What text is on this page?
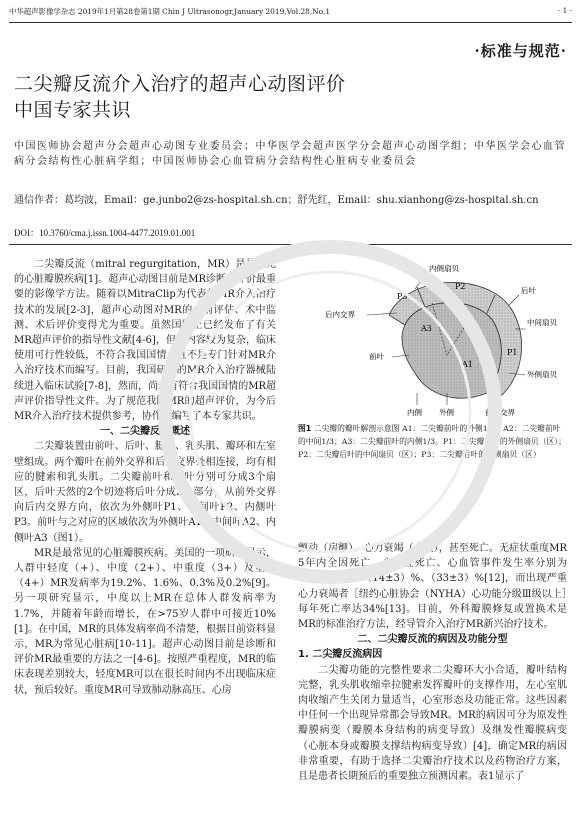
中华超声影像学杂志 2019年1月第28卷第1期 Chin J Ultrasonogr,January 2019,Vol.28,No.1	· 1 ·
·标准与规范·
二尖瓣反流介入治疗的超声心动图评价
中国专家共识
中国医师协会超声分会超声心动图专业委员会；中华医学会超声医学分会超声心动图学组；中华医学会心血管病分会结构性心脏病学组；中国医师协会心血管病分会结构性心脏病专业委员会
通信作者：葛均波，Email：ge.junbo2@zs-hospital.sh.cn；舒先红，Email：shu.xianhong@zs-hospital.sh.cn
DOI：10.3760/cma.j.issn.1004-4477.2019.01.001

二尖瓣反流（mitral regurgitation，MR）是最常见的心脏瓣膜疾病[1]。超声心动图目前是MR诊断和评价最重要的影像学方法。随着以MitraClip为代表的MR介入治疗技术的发展[2-3]，超声心动图对MR的术前评估、术中监测、术后评价变得尤为重要。虽然国际上已经发布了有关MR超声评价的指导性文献[4-6]，但其内容较为复杂，临床使用可行性较低，不符合我国国情，且不是专门针对MR介入治疗技术而编写。目前，我国研发的MR介入治疗器械陆续进入临床试验[7-8]，然而，尚未有符合我国国情的MR超声评价指导性文件。为了规范我国MR的超声评价，为今后MR介入治疗技术提供参考，协作组编写了本专家共识。

一、二尖瓣反流概述

二尖瓣装置由前叶、后叶、腱索、乳头肌、瓣环和左室壁组成。两个瓣叶在前外交界和后内交界处相连接，均有相应的腱索和乳头肌。二尖瓣前叶和后叶分别可分成3个扇区，后叶天然的2个切迹将后叶分成3个部分，从前外交界向后内交界方向，依次为外侧叶P1、中间叶P2、内侧叶P3。前叶与之对应的区域依次为外侧叶A1、中间叶A2、内侧叶A3（图1）。

MR是最常见的心脏瓣膜疾病。美国的一项研究显示，人群中轻度（+）、中度（2+）、中重度（3+）及重度（4+）MR发病率为19.2%、1.6%、0.3%及0.2%[9]。另一项研究显示，中度以上MR在总体人群发病率为1.7%，并随着年龄而增长，在>75岁人群中可接近10%[1]。在中国，MR的具体发病率尚不清楚，根据目前资料显示，MR为常见心脏病[10-11]。超声心动图目前是诊断和评价MR最重要的方法之一[4-6]。按照严重程度，MR的临床表现差别较大，轻度MR可以在很长时间内不出现临床症状，预后较好。重度MR可导致肺动脉高压、心房

P3
P2
P1
A3
A2
A1
内侧扇贝
后内交界
后叶
中间扇贝
前叶
外侧扇贝
前外交界
内侧 外侧
图1 二尖瓣的瓣叶解剖示意图 A1：二尖瓣前叶的外侧1/3；A2：二尖瓣前叶的中间1/3；A3：二尖瓣前叶的内侧1/3。P1：二尖瓣后叶的外侧扇贝（区）；P2：二尖瓣后叶的中间扇贝（区）；P3：二尖瓣后叶的内侧扇贝（区）

颤动（房颤）、心力衰竭（心衰），甚至死亡。无症状重度MR 5年内全因死亡、心脏性死亡、心血管事件发生率分别为（22±3）%、（14±3）%、（33±3）%[12]，而出现严重心力衰竭者［纽约心脏协会（NYHA）心功能分级Ⅲ级以上］每年死亡率达34%[13]。目前，外科瓣膜修复或置换术是MR的标准治疗方法，经导管介入治疗MR新兴治疗技术。

二、二尖瓣反流的病因及功能分型

1. 二尖瓣反流病因

二尖瓣功能的完整性要求二尖瓣环大小合适，瓣叶结构完整，乳头肌收缩牵拉腱索发挥瓣叶的支撑作用，左心室肌肉收缩产生关闭力量适当，心室形态及功能正常。这些因素中任何一个出现异常都会导致MR。MR的病因可分为原发性瓣膜病变（瓣膜本身结构的病变导致）及继发性瓣膜病变（心脏本身或瓣膜支撑结构病变导致）[4]，确定MR的病因非常重要，有助于选择二尖瓣治疗技术以及药物治疗方案，且是患者长期预后的重要独立预测因素。表1显示了
